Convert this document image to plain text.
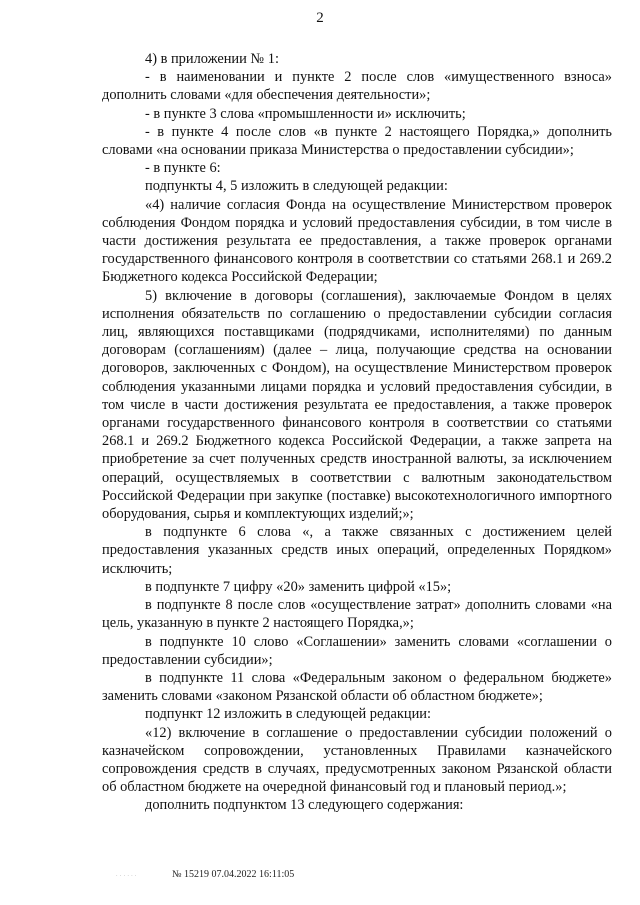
2

4) в приложении № 1:

- в наименовании и пункте 2 после слов «имущественного взноса» дополнить словами «для обеспечения деятельности»;

- в пункте 3 слова «промышленности и» исключить;

- в пункте 4 после слов «в пункте 2 настоящего Порядка,» дополнить словами «на основании приказа Министерства о предоставлении субсидии»;

- в пункте 6:

подпункты 4, 5 изложить в следующей редакции:

«4) наличие согласия Фонда на осуществление Министерством проверок соблюдения Фондом порядка и условий предоставления субсидии, в том числе в части достижения результата ее предоставления, а также проверок органами государственного финансового контроля в соответствии со статьями 268.1 и 269.2 Бюджетного кодекса Российской Федерации;

5) включение в договоры (соглашения), заключаемые Фондом в целях исполнения обязательств по соглашению о предоставлении субсидии согласия лиц, являющихся поставщиками (подрядчиками, исполнителями) по данным договорам (соглашениям) (далее – лица, получающие средства на основании договоров, заключенных с Фондом), на осуществление Министерством проверок соблюдения указанными лицами порядка и условий предоставления субсидии, в том числе в части достижения результата ее предоставления, а также проверок органами государственного финансового контроля в соответствии со статьями 268.1 и 269.2 Бюджетного кодекса Российской Федерации, а также запрета на приобретение за счет полученных средств иностранной валюты, за исключением операций, осуществляемых в соответствии с валютным законодательством Российской Федерации при закупке (поставке) высокотехнологичного импортного оборудования, сырья и комплектующих изделий;»;

в подпункте 6 слова «, а также связанных с достижением целей предоставления указанных средств иных операций, определенных Порядком» исключить;

в подпункте 7 цифру «20» заменить цифрой «15»;

в подпункте 8 после слов «осуществление затрат» дополнить словами «на цель, указанную в пункте 2 настоящего Порядка,»;

в подпункте 10 слово «Соглашении» заменить словами «соглашении о предоставлении субсидии»;

в подпункте 11 слова «Федеральным законом о федеральном бюджете» заменить словами «законом Рязанской области об областном бюджете»;

подпункт 12 изложить в следующей редакции:

«12) включение в соглашение о предоставлении субсидии положений о казначейском сопровождении, установленных Правилами казначейского сопровождения средств в случаях, предусмотренных законом Рязанской области об областном бюджете на очередной финансовый год и плановый период.»;

дополнить подпунктом 13 следующего содержания:

· · · · · ·	№ 15219 07.04.2022 16:11:05
